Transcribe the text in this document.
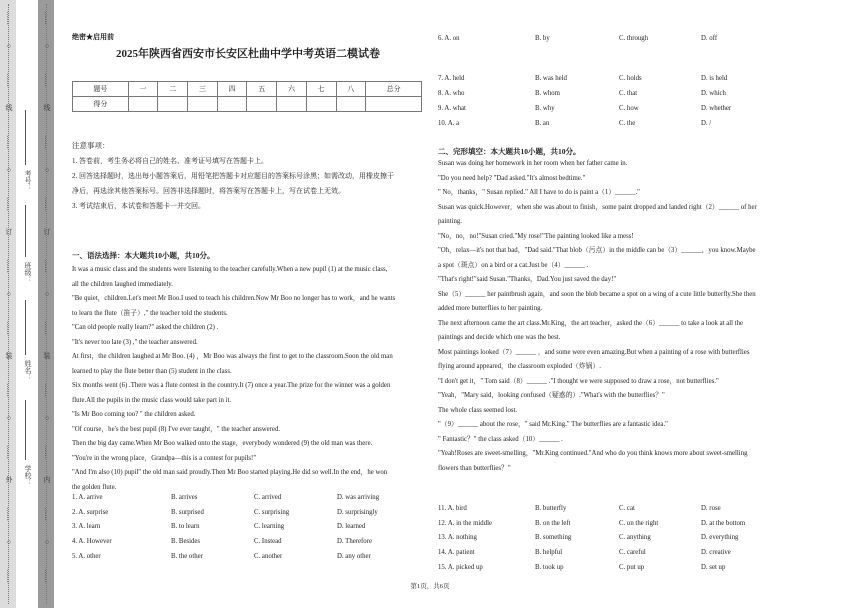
……
○
……
外
……
○
……
装
……
○
……
订
……
○
……
线
……
○
……
……
○
……
内
……
○
……
装
……
○
……
订
……
○
……
线
……
○
……
学校：
姓名：
班级：
考号：
绝密★启用前
2025年陕西省西安市长安区杜曲中学中考英语二模试卷
题号	一	二	三	四	五	六	七	八	总分
得分									
注意事项：
1. 答卷前，考生务必将自己的姓名、准考证号填写在答题卡上。
2. 回答选择题时，选出每小题答案后，用铅笔把答题卡对应题目的答案标号涂黑；如需改动，用橡皮擦干
净后，再选涂其他答案标号。回答非选择题时，将答案写在答题卡上，写在试卷上无效。
3. 考试结束后，本试卷和答题卡一并交回。
一、语法选择：本大题共10小题，共10分。
It was a music class and the students were listening to the teacher carefully.When a new pupil (1) at the music class,
all the children laughed immediately.
"Be quiet，children.Let's meet Mr Boo.I used to teach his children.Now Mr Boo no longer has to work，and he wants
to learn the flute（笛子）," the teacher told the students.
"Can old people really learn?" asked the children (2) .
"It's never too late (3) ," the teacher answered.
At first，the children laughed at Mr Boo. (4) ，Mr Boo was always the first to get to the classroom.Soon the old man
learned to play the flute better than (5) student in the class.
Six months went (6) .There was a flute contest in the country.It (7) once a year.The prize for the winner was a golden
flute.All the pupils in the music class would take part in it.
"Is Mr Boo coming too? " the children asked.
"Of course，he's the best pupil (8) I've ever taught，" the teacher answered.
Then the big day came.When Mr Boo walked onto the stage，everybody wondered (9) the old man was there.
"You're in the wrong place，Grandpa—this is a contest for pupils!"
"And I'm also (10) pupil" the old man said proudly.Then Mr Boo started playing.He did so well.In the end，he won
the golden flute.
1. A. arrive	B. arrives	C. arrived	D. was arriving
2. A. surprise	B. surprised	C. surprising	D. surprisingly
3. A. learn	B. to learn	C. learning	D. learned
4. A. However	B. Besides	C. Instead	D. Therefore
5. A. other	B. the other	C. another	D. any other
6. A. on	B. by	C. through	D. off
7. A. held	B. was held	C. holds	D. is held
8. A. who	B. whom	C. that	D. which
9. A. what	B. why	C. how	D. whether
10. A. a	B. an	C. the	D. /
二、完形填空：本大题共10小题，共10分。
Susan was doing her homework in her room when her father came in.
"Do you need help? "Dad asked."It's almost bedtime."
" No，thanks，" Susan replied." All I have to do is paint a（1）______."
Susan was quick.However，when she was about to finish，some paint dropped and landed right（2）______ of her
painting.
"No，no，no!"Susan cried."My rose!"The painting looked like a mess!
"Oh，relax—it's not that bad，"Dad said."That blob（污点）in the middle can be（3）______，you know.Maybe
a spot（斑点）on a bird or a cat.Just be（4）______ .
"That's right!"said Susan."Thanks，Dad.You just saved the day!"
She（5）______ her paintbrush again，and soon the blob became a spot on a wing of a cute little butterfly.She then
added more butterflies to her painting.
The next afternoon came the art class.Mr.King，the art teacher，asked the（6）______ to take a look at all the
paintings and decide which one was the best.
Most paintings looked（7）______ ，and some were even amazing.But when a painting of a rose with butterflies
flying around appeared，the classroom exploded（炸锅）.
"I don't get it，" Tom said（8）______ ."I thought we were supposed to draw a rose，not butterflies."
"Yeah，"Mary said，looking confused（疑惑的）."What's with the butterflies？"
The whole class seemed lost.
"（9）______ about the rose，" said Mr.King." The butterflies are a fantastic idea."
" Fantastic？" the class asked（10）______ .
"Yeah!Roses are sweet-smelling，"Mr.King continued."And who do you think knows more about sweet-smelling
flowers than butterflies？"
11. A. bird	B. butterfly	C. cat	D. rose
12. A. in the middle	B. on the left	C. on the right	D. at the bottom
13. A. nothing	B. something	C. anything	D. everything
14. A. patient	B. helpful	C. careful	D. creative
15. A. picked up	B. took up	C. put up	D. set up
第1页，共6页
